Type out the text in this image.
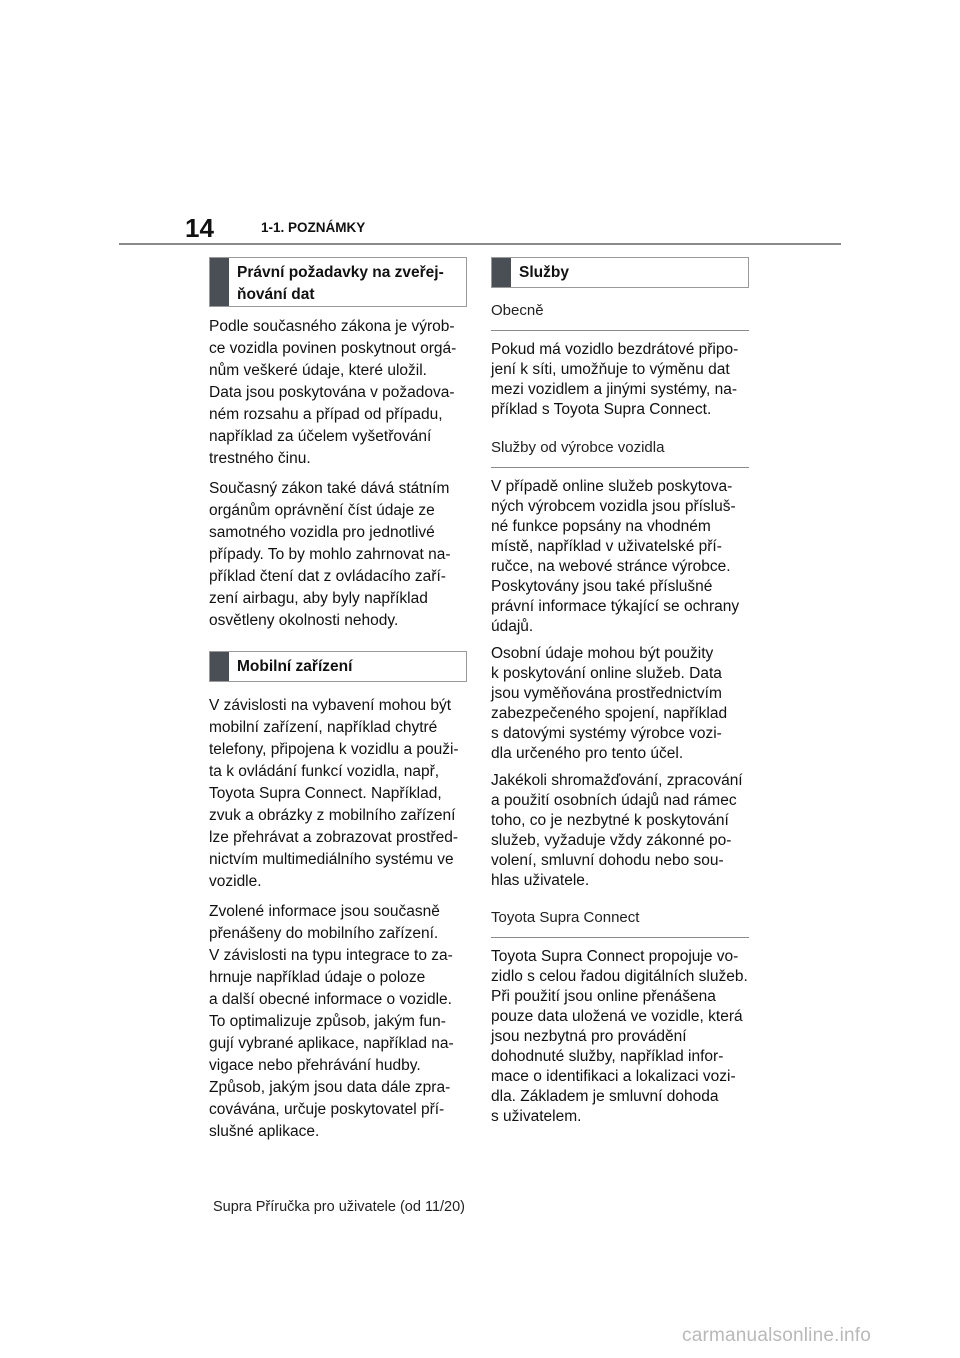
14	1-1. POZNÁMKY
Právní požadavky na zveřej-
ňování dat

Podle současného zákona je výrob-
ce vozidla povinen poskytnout orgá-
nům veškeré údaje, které uložil.
Data jsou poskytována v požadova-
ném rozsahu a případ od případu,
například za účelem vyšetřování
trestného činu.

Současný zákon také dává státním
orgánům oprávnění číst údaje ze
samotného vozidla pro jednotlivé
případy. To by mohlo zahrnovat na-
příklad čtení dat z ovládacího zaří-
zení airbagu, aby byly například
osvětleny okolnosti nehody.

Mobilní zařízení

V závislosti na vybavení mohou být
mobilní zařízení, například chytré
telefony, připojena k vozidlu a použi-
ta k ovládání funkcí vozidla, např,
Toyota Supra Connect. Například,
zvuk a obrázky z mobilního zařízení
lze přehrávat a zobrazovat prostřed-
nictvím multimediálního systému ve
vozidle.

Zvolené informace jsou současně
přenášeny do mobilního zařízení.
V závislosti na typu integrace to za-
hrnuje například údaje o poloze
a další obecné informace o vozidle.
To optimalizuje způsob, jakým fun-
gují vybrané aplikace, například na-
vigace nebo přehrávání hudby.
Způsob, jakým jsou data dále zpra-
covávána, určuje poskytovatel pří-
slušné aplikace.

Služby
Obecně

Pokud má vozidlo bezdrátové připo-
jení k síti, umožňuje to výměnu dat
mezi vozidlem a jinými systémy, na-
příklad s Toyota Supra Connect.

Služby od výrobce vozidla

V případě online služeb poskytova-
ných výrobcem vozidla jsou přísluš-
né funkce popsány na vhodném
místě, například v uživatelské pří-
ručce, na webové stránce výrobce.
Poskytovány jsou také příslušné
právní informace týkající se ochrany
údajů.

Osobní údaje mohou být použity
k poskytování online služeb. Data
jsou vyměňována prostřednictvím
zabezpečeného spojení, například
s datovými systémy výrobce vozi-
dla určeného pro tento účel.

Jakékoli shromažďování, zpracování
a použití osobních údajů nad rámec
toho, co je nezbytné k poskytování
služeb, vyžaduje vždy zákonné po-
volení, smluvní dohodu nebo sou-
hlas uživatele.

Toyota Supra Connect

Toyota Supra Connect propojuje vo-
zidlo s celou řadou digitálních služeb.
Při použití jsou online přenášena
pouze data uložená ve vozidle, která
jsou nezbytná pro provádění
dohodnuté služby, například infor-
mace o identifikaci a lokalizaci vozi-
dla. Základem je smluvní dohoda
s uživatelem.

Supra Příručka pro uživatele (od 11/20)
carmanualsonline.info
